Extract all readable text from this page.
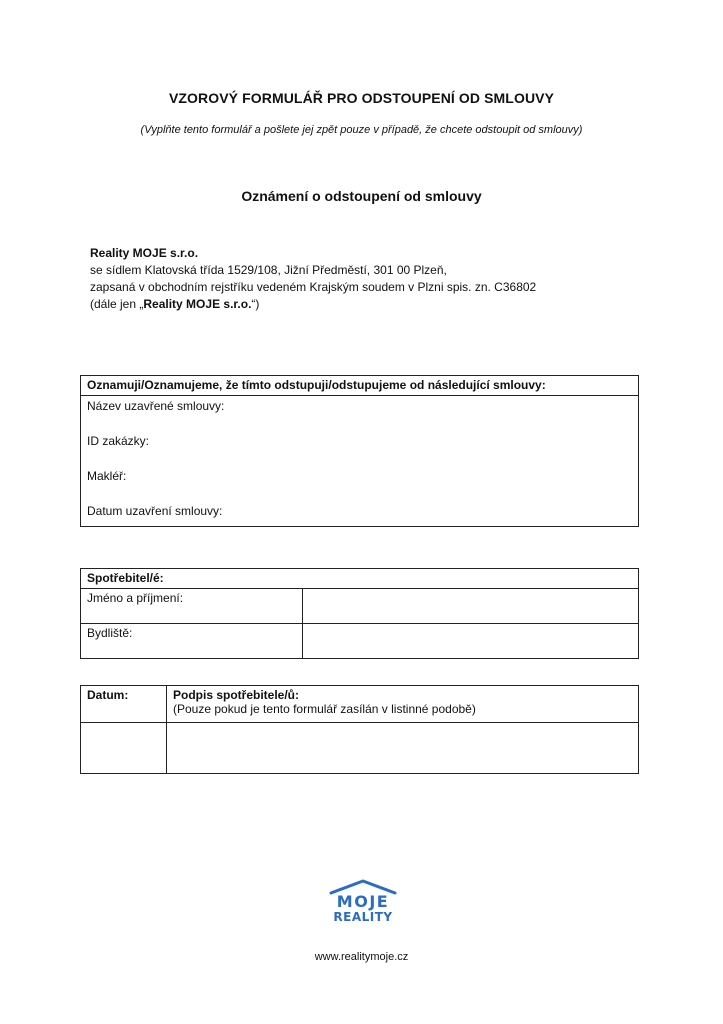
VZOROVÝ FORMULÁŘ PRO ODSTOUPENÍ OD SMLOUVY
(Vyplňte tento formulář a pošlete jej zpět pouze v případě, že chcete odstoupit od smlouvy)
Oznámení o odstoupení od smlouvy
Reality MOJE s.r.o.
se sídlem Klatovská třída 1529/108, Jižní Předměstí, 301 00 Plzeň,
zapsaná v obchodním rejstříku vedeném Krajským soudem v Plzni spis. zn. C36802
(dále jen „Reality MOJE s.r.o.“)
Oznamuji/Oznamujeme, že tímto odstupuji/odstupujeme od následující smlouvy:

Název uzavřené smlouvy:
ID zakázky:
Makléř:
Datum uzavření smlouvy:
Spotřebitel/é:	
Jméno a příjmení:	
Bydliště:	
Datum:	Podpis spotřebitele/ů:
(Pouze pokud je tento formulář zasílán v listinné podobě)

MOJE
REALITY
www.realitymoje.cz
